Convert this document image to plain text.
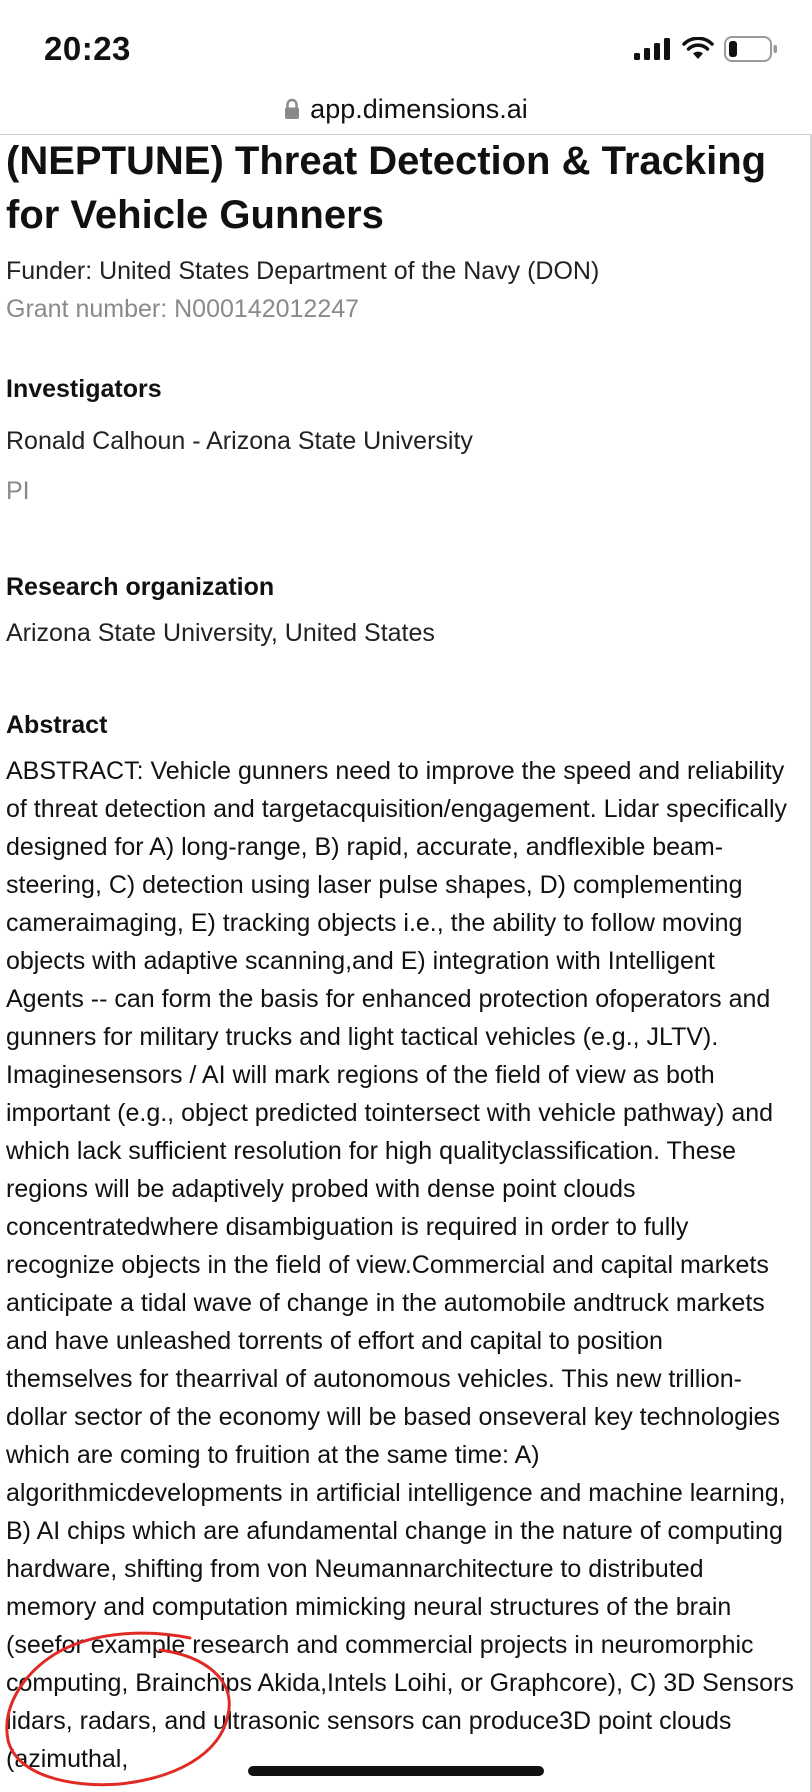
20:23
app.dimensions.ai
(NEPTUNE) Threat Detection & Tracking for Vehicle Gunners
Funder: United States Department of the Navy (DON)
Grant number: N000142012247
Investigators
Ronald Calhoun - Arizona State University
PI
Research organization
Arizona State University, United States
Abstract

ABSTRACT: Vehicle gunners need to improve the speed and reliability of threat detection and targetacquisition/engagement. Lidar specifically designed for A) long-range, B) rapid, accurate, andflexible beam-steering, C) detection using laser pulse shapes, D) complementing cameraimaging, E) tracking objects i.e., the ability to follow moving objects with adaptive scanning,and E) integration with Intelligent Agents -- can form the basis for enhanced protection ofoperators and gunners for military trucks and light tactical vehicles (e.g., JLTV). Imaginesensors / AI will mark regions of the field of view as both important (e.g., object predicted tointersect with vehicle pathway) and which lack sufficient resolution for high qualityclassification. These regions will be adaptively probed with dense point clouds concentratedwhere disambiguation is required in order to fully recognize objects in the field of view.Commercial and capital markets anticipate a tidal wave of change in the automobile andtruck markets and have unleashed torrents of effort and capital to position themselves for thearrival of autonomous vehicles. This new trillion-dollar sector of the economy will be based onseveral key technologies which are coming to fruition at the same time: A) algorithmicdevelopments in artificial intelligence and machine learning, B) AI chips which are afundamental change in the nature of computing hardware, shifting from von Neumannarchitecture to distributed memory and computation mimicking neural structures of the brain (seefor example research and commercial projects in neuromorphic computing, Brainchips Akida,Intels Loihi, or Graphcore), C) 3D Sensors lidars, radars, and ultrasonic sensors can produce3D point clouds (azimuthal,
